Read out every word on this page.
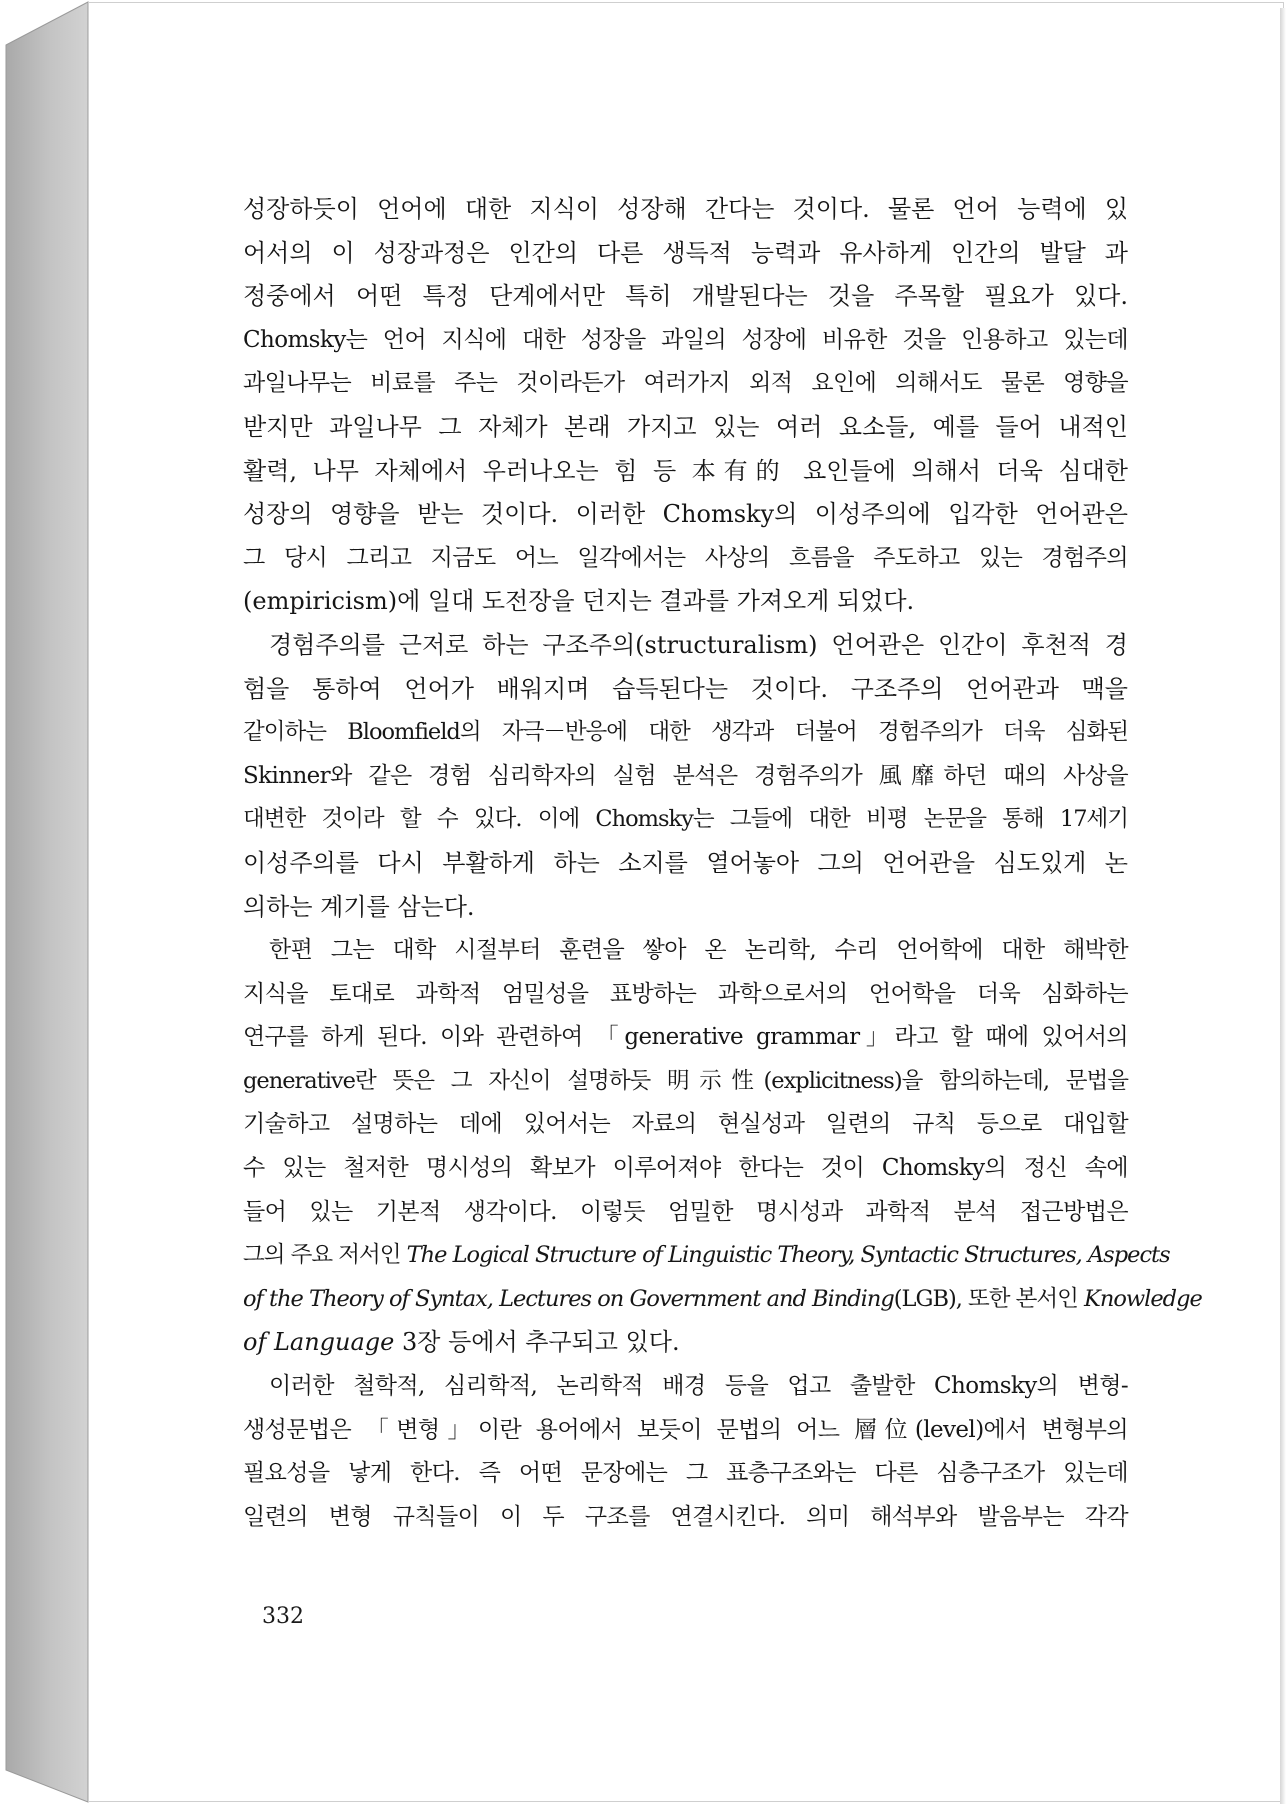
성장하듯이 언어에 대한 지식이 성장해 간다는 것이다. 물론 언어 능력에 있
어서의 이 성장과정은 인간의 다른 생득적 능력과 유사하게 인간의 발달 과
정중에서 어떤 특정 단계에서만 특히 개발된다는 것을 주목할 필요가 있다.
Chomsky는 언어 지식에 대한 성장을 과일의 성장에 비유한 것을 인용하고 있는데
과일나무는 비료를 주는 것이라든가 여러가지 외적 요인에 의해서도 물론 영향을
받지만 과일나무 그 자체가 본래 가지고 있는 여러 요소들, 예를 들어 내적인
활력, 나무 자체에서 우러나오는 힘 등 本有的 요인들에 의해서 더욱 심대한
성장의 영향을 받는 것이다. 이러한 Chomsky의 이성주의에 입각한 언어관은
그 당시 그리고 지금도 어느 일각에서는 사상의 흐름을 주도하고 있는 경험주의
(empiricism)에 일대 도전장을 던지는 결과를 가져오게 되었다.
경험주의를 근저로 하는 구조주의(structuralism) 언어관은 인간이 후천적 경
험을 통하여 언어가 배워지며 습득된다는 것이다. 구조주의 언어관과 맥을
같이하는 Bloomfield의 자극－반응에 대한 생각과 더불어 경험주의가 더욱 심화된
Skinner와 같은 경험 심리학자의 실험 분석은 경험주의가 風靡하던 때의 사상을
대변한 것이라 할 수 있다. 이에 Chomsky는 그들에 대한 비평 논문을 통해 17세기
이성주의를 다시 부활하게 하는 소지를 열어놓아 그의 언어관을 심도있게 논
의하는 계기를 삼는다.
한편 그는 대학 시절부터 훈련을 쌓아 온 논리학, 수리 언어학에 대한 해박한
지식을 토대로 과학적 엄밀성을 표방하는 과학으로서의 언어학을 더욱 심화하는
연구를 하게 된다. 이와 관련하여 「generative grammar」라고 할 때에 있어서의
generative란 뜻은 그 자신이 설명하듯 明示性(explicitness)을 함의하는데, 문법을
기술하고 설명하는 데에 있어서는 자료의 현실성과 일련의 규칙 등으로 대입할
수 있는 철저한 명시성의 확보가 이루어져야 한다는 것이 Chomsky의 정신 속에
들어 있는 기본적 생각이다. 이렇듯 엄밀한 명시성과 과학적 분석 접근방법은
그의 주요 저서인 The Logical Structure of Linguistic Theory, Syntactic Structures, Aspects
of the Theory of Syntax, Lectures on Government and Binding(LGB), 또한 본서인 Knowledge
of Language 3장 등에서 추구되고 있다.
이러한 철학적, 심리학적, 논리학적 배경 등을 업고 출발한 Chomsky의 변형-
생성문법은 「변형」이란 용어에서 보듯이 문법의 어느 層位(level)에서 변형부의
필요성을 낳게 한다. 즉 어떤 문장에는 그 표층구조와는 다른 심층구조가 있는데
일련의 변형 규칙들이 이 두 구조를 연결시킨다. 의미 해석부와 발음부는 각각
332
